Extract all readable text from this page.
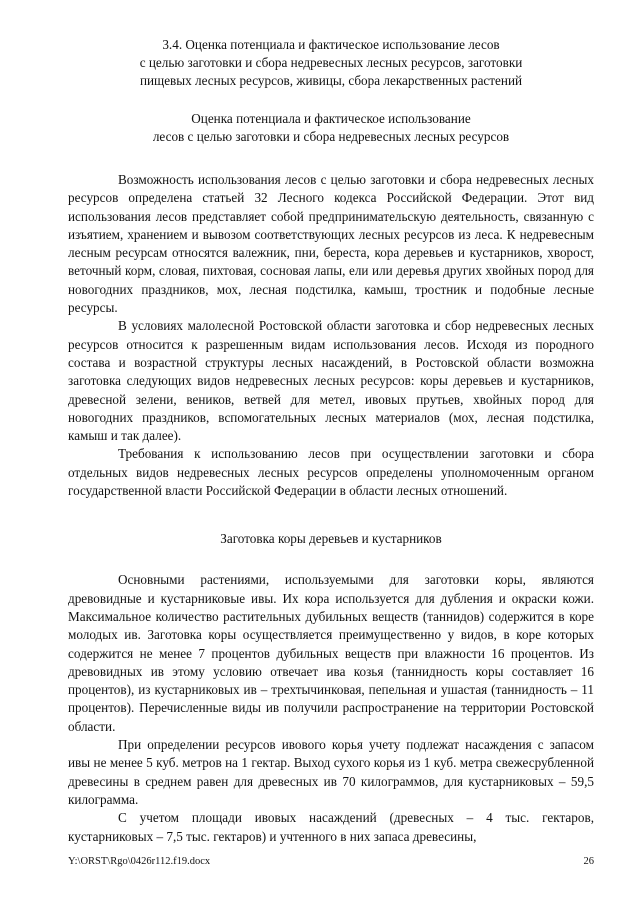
3.4. Оценка потенциала и фактическое использование лесов
с целью заготовки и сбора недревесных лесных ресурсов, заготовки
пищевых лесных ресурсов, живицы, сбора лекарственных растений
Оценка потенциала и фактическое использование
лесов с целью заготовки и сбора недревесных лесных ресурсов

Возможность использования лесов с целью заготовки и сбора недревесных лесных ресурсов определена статьей 32 Лесного кодекса Российской Федерации. Этот вид использования лесов представляет собой предпринимательскую деятельность, связанную с изъятием, хранением и вывозом соответствующих лесных ресурсов из леса. К недревесным лесным ресурсам относятся валежник, пни, береста, кора деревьев и кустарников, хворост, веточный корм, словая, пихтовая, сосновая лапы, ели или деревья других хвойных пород для новогодних праздников, мох, лесная подстилка, камыш, тростник и подобные лесные ресурсы.

В условиях малолесной Ростовской области заготовка и сбор недревесных лесных ресурсов относится к разрешенным видам использования лесов. Исходя из породного состава и возрастной структуры лесных насаждений, в Ростовской области возможна заготовка следующих видов недревесных лесных ресурсов: коры деревьев и кустарников, древесной зелени, веников, ветвей для метел, ивовых прутьев, хвойных пород для новогодних праздников, вспомогательных лесных материалов (мох, лесная подстилка, камыш и так далее).

Требования к использованию лесов при осуществлении заготовки и сбора отдельных видов недревесных лесных ресурсов определены уполномоченным органом государственной власти Российской Федерации в области лесных отношений.

Заготовка коры деревьев и кустарников

Основными растениями, используемыми для заготовки коры, являются древовидные и кустарниковые ивы. Их кора используется для дубления и окраски кожи. Максимальное количество растительных дубильных веществ (таннидов) содержится в коре молодых ив. Заготовка коры осуществляется преимущественно у видов, в коре которых содержится не менее 7 процентов дубильных веществ при влажности 16 процентов. Из древовидных ив этому условию отвечает ива козья (таннидность коры составляет 16 процентов), из кустарниковых ив – трехтычинковая, пепельная и ушастая (таннидность – 11 процентов). Перечисленные виды ив получили распространение на территории Ростовской области.

При определении ресурсов ивового корья учету подлежат насаждения с запасом ивы не менее 5 куб. метров на 1 гектар. Выход сухого корья из 1 куб. метра свежесрубленной древесины в среднем равен для древесных ив 70 килограммов, для кустарниковых – 59,5 килограмма.

С учетом площади ивовых насаждений (древесных – 4 тыс. гектаров, кустарниковых – 7,5 тыс. гектаров) и учтенного в них запаса древесины,

Y:\ORST\Rgo\0426r112.f19.docx	26
